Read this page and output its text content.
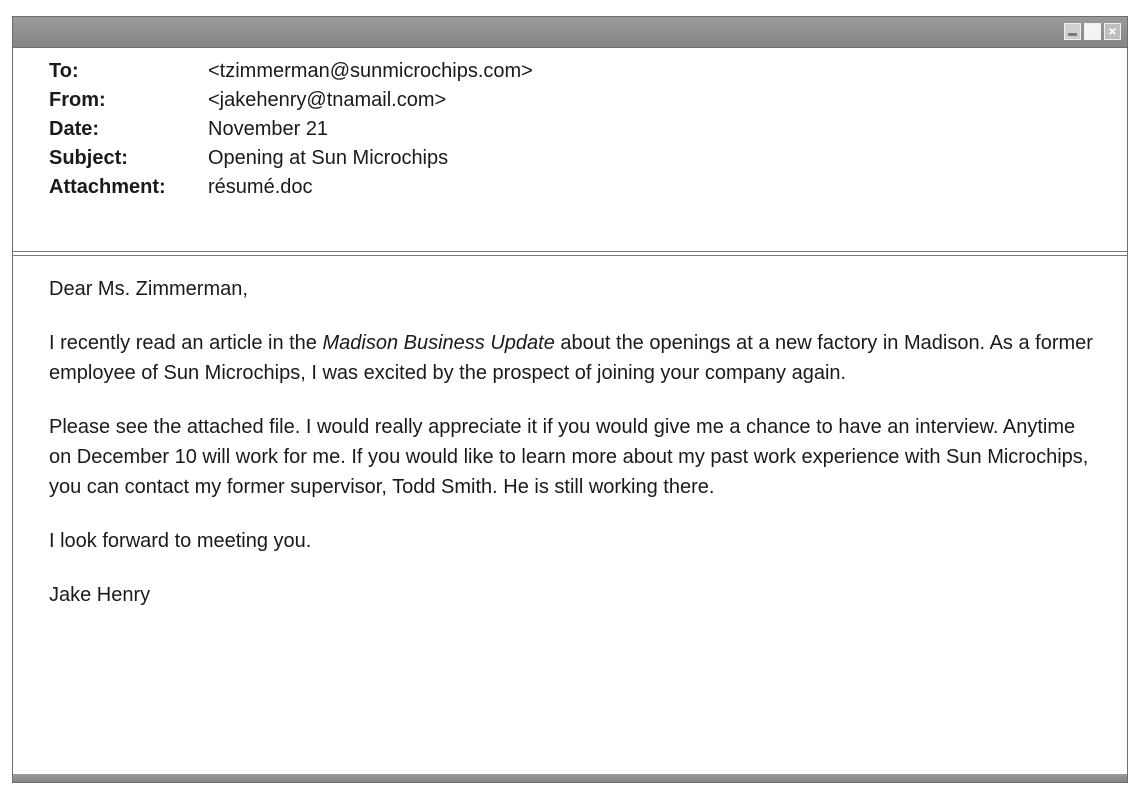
×
To:	<tzimmerman@sunmicrochips.com>
From:	<jakehenry@tnamail.com>
Date:	November 21
Subject:	Opening at Sun Microchips
Attachment:	résumé.doc

Dear Ms. Zimmerman,

I recently read an article in the Madison Business Update about the openings at a new factory in Madison. As a former employee of Sun Microchips, I was excited by the prospect of joining your company again.

Please see the attached file. I would really appreciate it if you would give me a chance to have an interview. Anytime on December 10 will work for me. If you would like to learn more about my past work experience with Sun Microchips, you can contact my former supervisor, Todd Smith. He is still working there.

I look forward to meeting you.

Jake Henry
